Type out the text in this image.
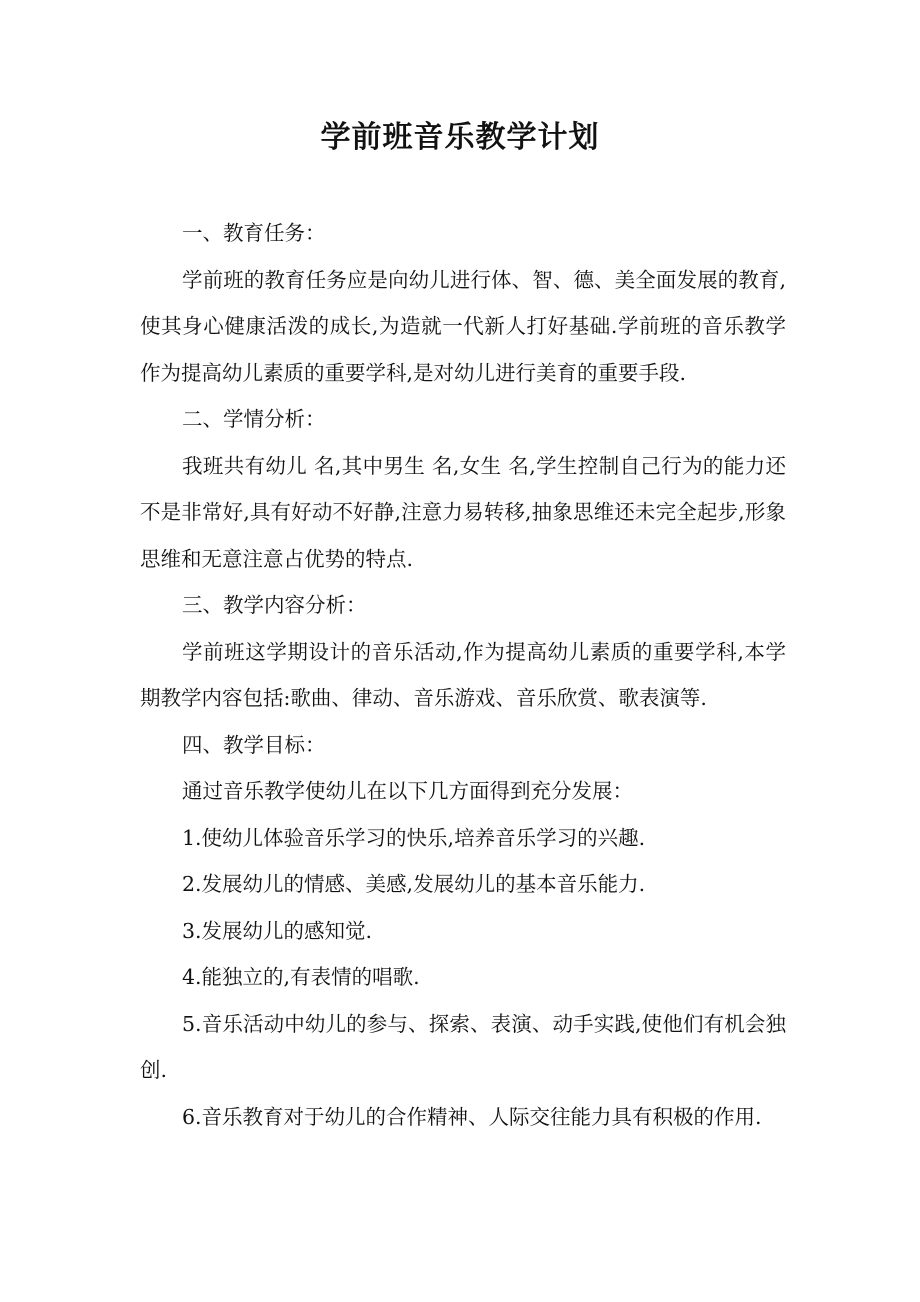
学前班音乐教学计划

一、教育任务：

学前班的教育任务应是向幼儿进行体、智、德、美全面发展的教育,使其身心健康活泼的成长,为造就一代新人打好基础.学前班的音乐教学作为提高幼儿素质的重要学科,是对幼儿进行美育的重要手段.

二、学情分析：

我班共有幼儿 名,其中男生 名,女生 名,学生控制自己行为的能力还不是非常好,具有好动不好静,注意力易转移,抽象思维还未完全起步,形象思维和无意注意占优势的特点.

三、教学内容分析：

学前班这学期设计的音乐活动,作为提高幼儿素质的重要学科,本学期教学内容包括:歌曲、律动、音乐游戏、音乐欣赏、歌表演等.

四、教学目标：

通过音乐教学使幼儿在以下几方面得到充分发展：

1.使幼儿体验音乐学习的快乐,培养音乐学习的兴趣.

2.发展幼儿的情感、美感,发展幼儿的基本音乐能力.

3.发展幼儿的感知觉.

4.能独立的,有表情的唱歌.

5.音乐活动中幼儿的参与、探索、表演、动手实践,使他们有机会独创.

6.音乐教育对于幼儿的合作精神、人际交往能力具有积极的作用.
